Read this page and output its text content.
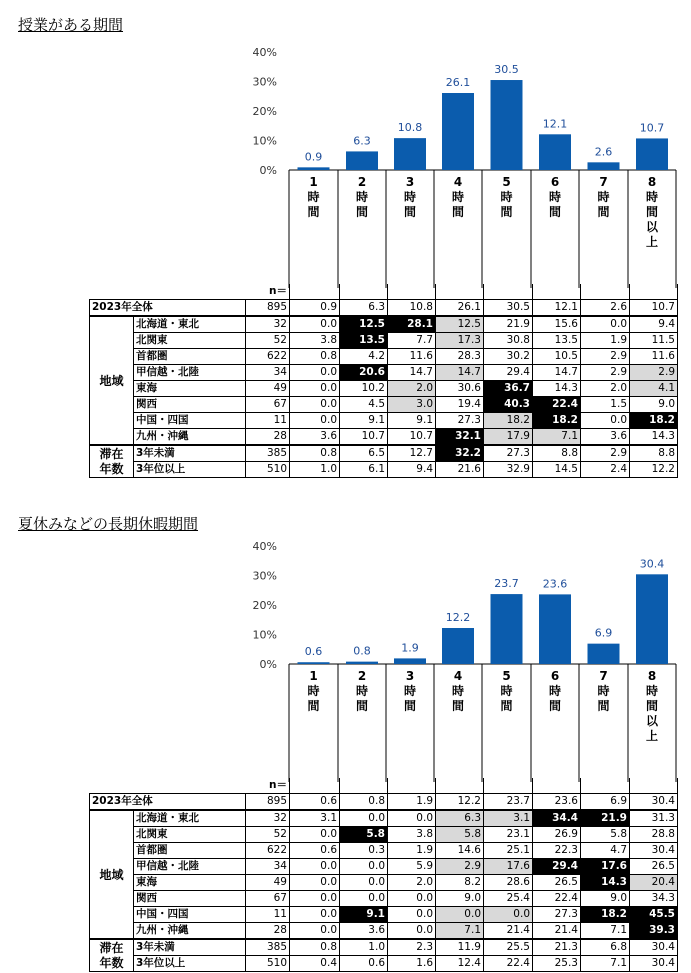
授業がある期間
0%
10%
20%
30%
40%
0.9
6.3
10.8
26.1
30.5
12.1
2.6
10.7
1 時間
2 時間
3 時間
4 時間
5 時間
6 時間
7 時間
8 時間以上
		n＝								
2023年全体		895	0.9	6.3	10.8	26.1	30.5	12.1	2.6	10.7
地域	北海道・東北	32	0.0	12.5	28.1	12.5	21.9	15.6	0.0	9.4
	北関東	52	3.8	13.5	7.7	17.3	30.8	13.5	1.9	11.5
	首都圏	622	0.8	4.2	11.6	28.3	30.2	10.5	2.9	11.6
	甲信越・北陸	34	0.0	20.6	14.7	14.7	29.4	14.7	2.9	2.9
	東海	49	0.0	10.2	2.0	30.6	36.7	14.3	2.0	4.1
	関西	67	0.0	4.5	3.0	19.4	40.3	22.4	1.5	9.0
	中国・四国	11	0.0	9.1	9.1	27.3	18.2	18.2	0.0	18.2
	九州・沖縄	28	3.6	10.7	10.7	32.1	17.9	7.1	3.6	14.3

滞在
年数	3年未満	385	0.8	6.5	12.7	32.2	27.3	8.8	2.9	8.8
	3年位以上	510	1.0	6.1	9.4	21.6	32.9	14.5	2.4	12.2
夏休みなどの長期休暇期間
0%
10%
20%
30%
40%
0.6	0.8	1.9
12.2
23.7 23.6
6.9
30.4
1 時間
2 時間
3 時間
4 時間
5 時間
6 時間
7 時間
8 時間以上
		n＝								
2023年全体		895	0.6	0.8	1.9	12.2	23.7	23.6	6.9	30.4
地域	北海道・東北	32	3.1	0.0	0.0	6.3	3.1	34.4	21.9	31.3
	北関東	52	0.0	5.8	3.8	5.8	23.1	26.9	5.8	28.8
	首都圏	622	0.6	0.3	1.9	14.6	25.1	22.3	4.7	30.4
	甲信越・北陸	34	0.0	0.0	5.9	2.9	17.6	29.4	17.6	26.5
	東海	49	0.0	0.0	2.0	8.2	28.6	26.5	14.3	20.4
	関西	67	0.0	0.0	0.0	9.0	25.4	22.4	9.0	34.3
	中国・四国	11	0.0	9.1	0.0	0.0	0.0	27.3	18.2	45.5
	九州・沖縄	28	0.0	3.6	0.0	7.1	21.4	21.4	7.1	39.3

滞在
年数	3年未満	385	0.8	1.0	2.3	11.9	25.5	21.3	6.8	30.4
	3年位以上	510	0.4	0.6	1.6	12.4	22.4	25.3	7.1	30.4
